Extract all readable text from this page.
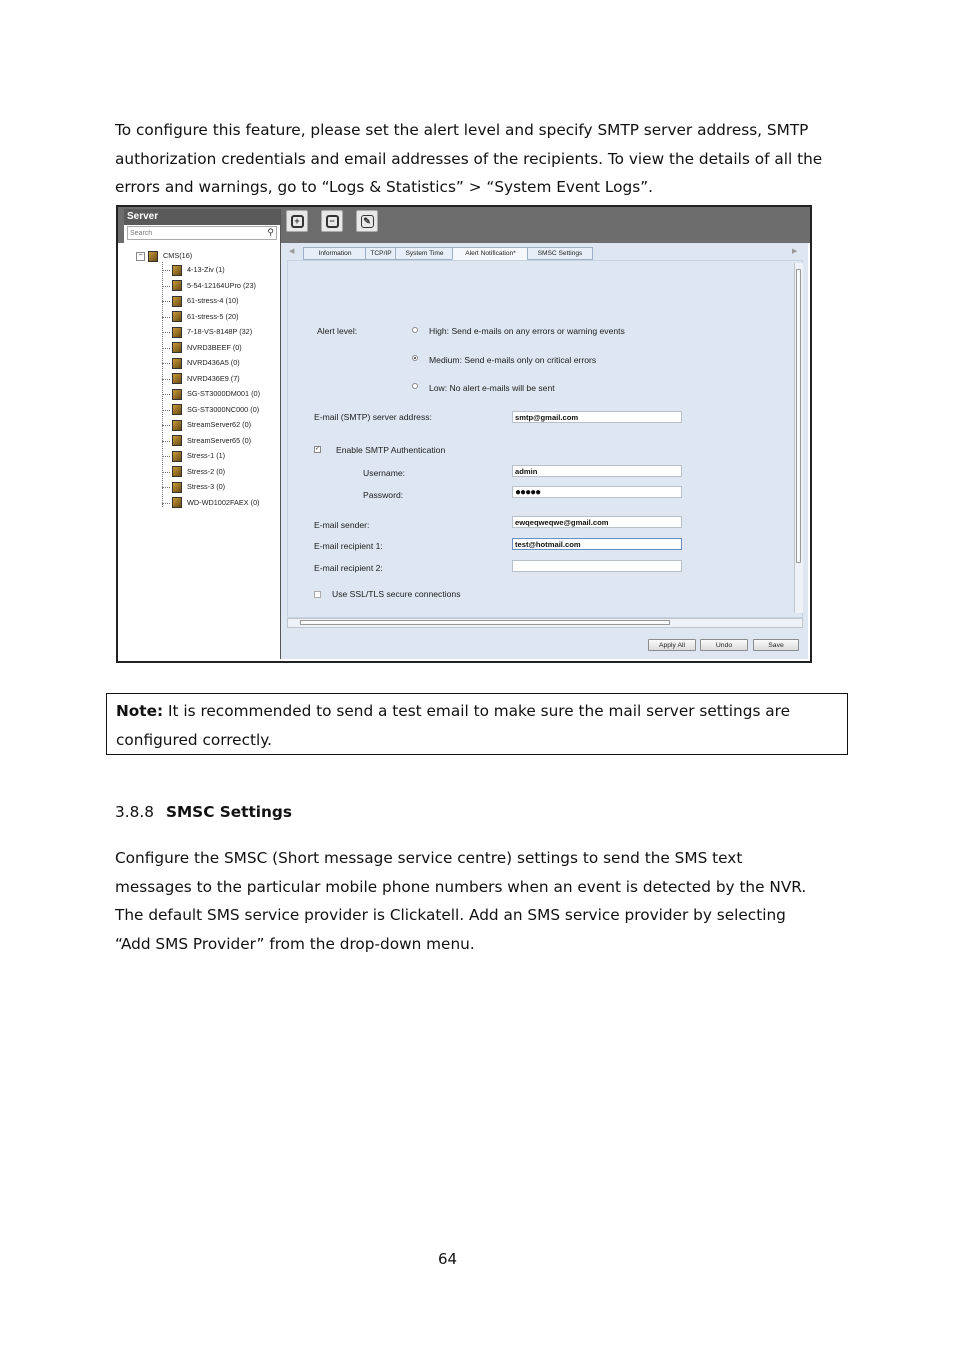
To configure this feature, please set the alert level and specify SMTP server address, SMTP

authorization credentials and email addresses of the recipients. To view the details of all the

errors and warnings, go to “Logs & Statistics” > “System Event Logs”.

+	−	✎
Server
Search
⚲
−	CMS(16)
4-13-Ziv (1)
5-54-12164UPro (23)
61-stress-4 (10)
61-stress-5 (20)
7-18-VS-8148P (32)
NVRD3BEEF (0)
NVRD436A5 (0)
NVRD436E9 (7)
SG-ST3000DM001 (0)
SG-ST3000NC000 (0)
StreamServer62 (0)
StreamServer65 (0)
Stress-1 (1)
Stress-2 (0)
Stress-3 (0)
WD-WD1002FAEX (0)
◀	Information	TCP/IP	System Time	Alert Notification*	SMSC Settings	▶
Alert level:	High: Send e-mails on any errors or warning events
Medium: Send e-mails only on critical errors
Low: No alert e-mails will be sent
E-mail (SMTP) server address:	smtp@gmail.com
✓ Enable SMTP Authentication
Username:	admin
Password:	●●●●●
E-mail sender:	ewqeqweqwe@gmail.com
E-mail recipient 1:	test@hotmail.com
E-mail recipient 2:
Use SSL/TLS secure connections
Apply All	Undo	Save

Note: It is recommended to send a test email to make sure the mail server settings are

configured correctly.

3.8.8 SMSC Settings

Configure the SMSC (Short message service centre) settings to send the SMS text

messages to the particular mobile phone numbers when an event is detected by the NVR.

The default SMS service provider is Clickatell. Add an SMS service provider by selecting

“Add SMS Provider” from the drop-down menu.

64
